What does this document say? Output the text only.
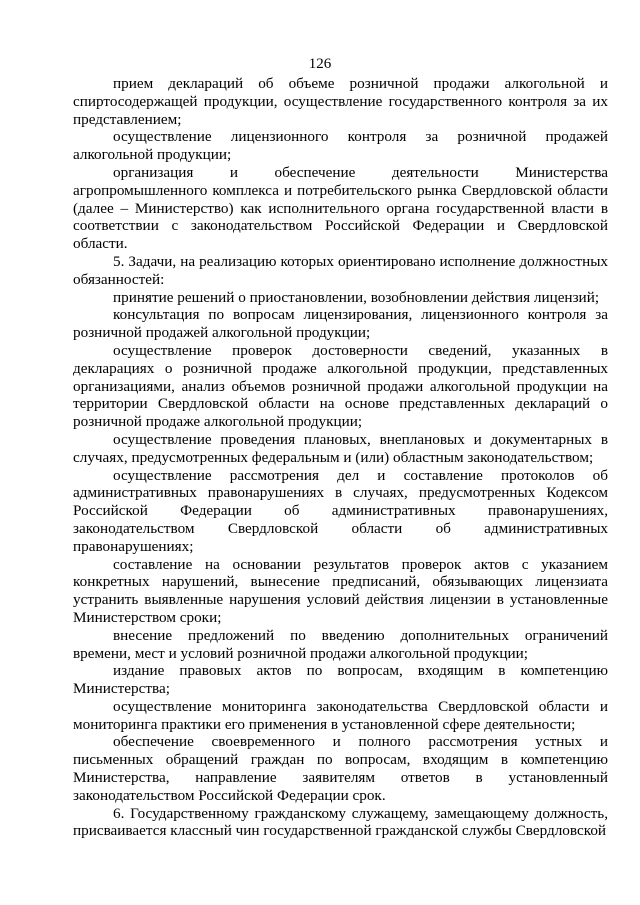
126

прием деклараций об объеме розничной продажи алкогольной и спиртосодержащей продукции, осуществление государственного контроля за их представлением;

осуществление лицензионного контроля за розничной продажей алкогольной продукции;

организация и обеспечение деятельности Министерства агропромышленного комплекса и потребительского рынка Свердловской области (далее – Министерство) как исполнительного органа государственной власти в соответствии с законодательством Российской Федерации и Свердловской области.

5. Задачи, на реализацию которых ориентировано исполнение должностных обязанностей:

принятие решений о приостановлении, возобновлении действия лицензий;

консультация по вопросам лицензирования, лицензионного контроля за розничной продажей алкогольной продукции;

осуществление проверок достоверности сведений, указанных в декларациях о розничной продаже алкогольной продукции, представленных организациями, анализ объемов розничной продажи алкогольной продукции на территории Свердловской области на основе представленных деклараций о розничной продаже алкогольной продукции;

осуществление проведения плановых, внеплановых и документарных в случаях, предусмотренных федеральным и (или) областным законодательством;

осуществление рассмотрения дел и составление протоколов об административных правонарушениях в случаях, предусмотренных Кодексом Российской Федерации об административных правонарушениях, законодательством Свердловской области об административных правонарушениях;

составление на основании результатов проверок актов с указанием конкретных нарушений, вынесение предписаний, обязывающих лицензиата устранить выявленные нарушения условий действия лицензии в установленные Министерством сроки;

внесение предложений по введению дополнительных ограничений времени, мест и условий розничной продажи алкогольной продукции;

издание правовых актов по вопросам, входящим в компетенцию Министерства;

осуществление мониторинга законодательства Свердловской области и мониторинга практики его применения в установленной сфере деятельности;

обеспечение своевременного и полного рассмотрения устных и письменных обращений граждан по вопросам, входящим в компетенцию Министерства, направление заявителям ответов в установленный законодательством Российской Федерации срок.

6. Государственному гражданскому служащему, замещающему должность, присваивается классный чин государственной гражданской службы Свердловской
